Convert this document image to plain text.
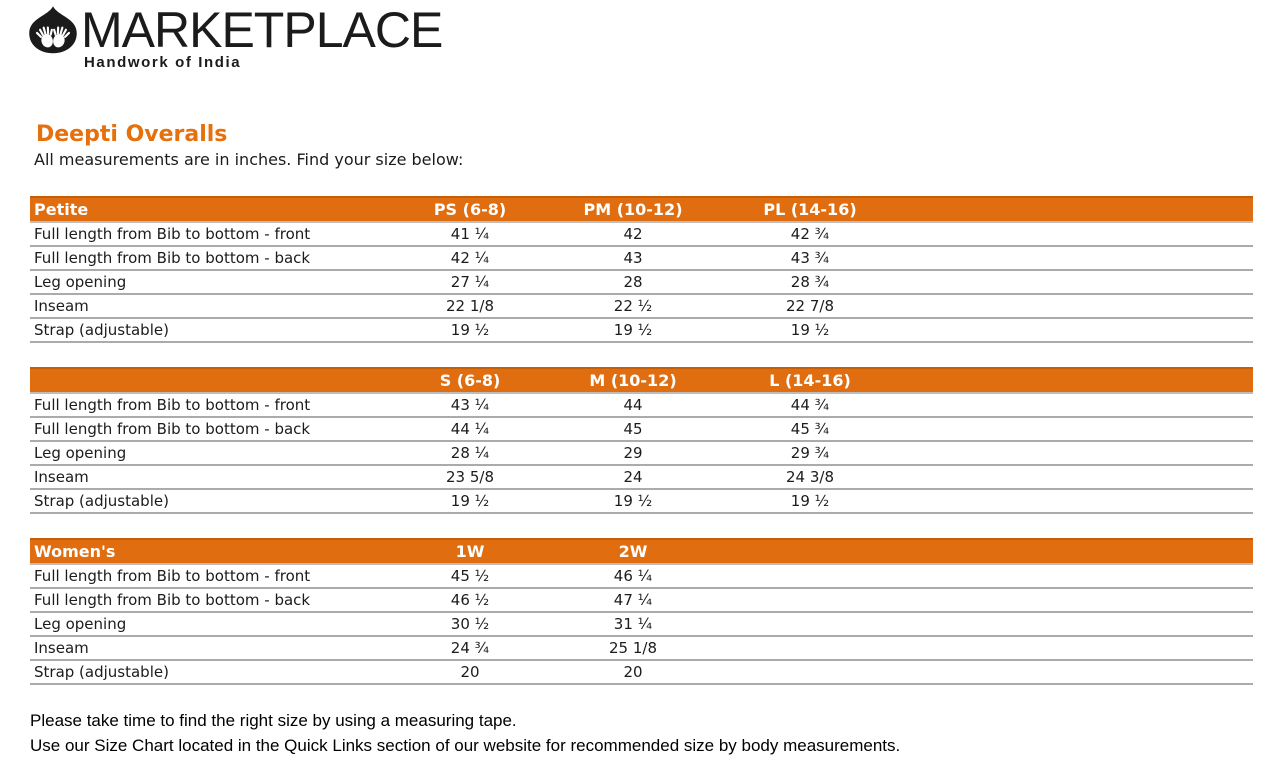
MARKETPLACE
Handwork of India
Deepti Overalls

All measurements are in inches. Find your size below:

Petite	PS (6-8)	PM (10-12)	PL (14-16)	
Full length from Bib to bottom - front	41 ¼	42	42 ¾	
Full length from Bib to bottom - back	42 ¼	43	43 ¾	
Leg opening	27 ¼	28	28 ¾	
Inseam	22 1/8	22 ½	22 7/8	
Strap (adjustable)	19 ½	19 ½	19 ½	
	S (6-8)	M (10-12)	L (14-16)	
Full length from Bib to bottom - front	43 ¼	44	44 ¾	
Full length from Bib to bottom - back	44 ¼	45	45 ¾	
Leg opening	28 ¼	29	29 ¾	
Inseam	23 5/8	24	24 3/8	
Strap (adjustable)	19 ½	19 ½	19 ½	
Women's	1W	2W		
Full length from Bib to bottom - front	45 ½	46 ¼		
Full length from Bib to bottom - back	46 ½	47 ¼		
Leg opening	30 ½	31 ¼		
Inseam	24 ¾	25 1/8		
Strap (adjustable)	20	20		

Please take time to find the right size by using a measuring tape.

Use our Size Chart located in the Quick Links section of our website for recommended size by body measurements.
